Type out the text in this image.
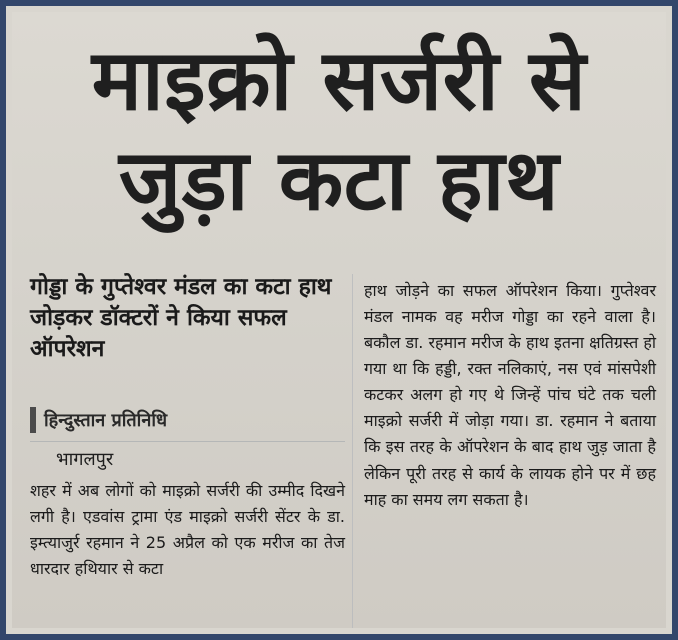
माइक्रो सर्जरी से
जुड़ा कटा हाथ
गोड्डा के गुप्तेश्वर मंडल का कटा हाथ जोड़कर डॉक्टरों ने किया सफल ऑपरेशन
हिन्दुस्तान प्रतिनिधि
भागलपुर
शहर में अब लोगों को माइक्रो सर्जरी की उम्मीद दिखने लगी है। एडवांस ट्रामा एंड माइक्रो सर्जरी सेंटर के डा. इम्त्याजुर्र रहमान ने 25 अप्रैल को एक मरीज का तेज धारदार हथियार से कटा
हाथ जोड़ने का सफल ऑपरेशन किया। गुप्तेश्वर मंडल नामक वह मरीज गोड्डा का रहने वाला है। बकौल डा. रहमान मरीज के हाथ इतना क्षतिग्रस्त हो गया था कि हड्डी, रक्त नलिकाएं, नस एवं मांसपेशी कटकर अलग हो गए थे जिन्हें पांच घंटे तक चली माइक्रो सर्जरी में जोड़ा गया। डा. रहमान ने बताया कि इस तरह के ऑपरेशन के बाद हाथ जुड़ जाता है लेकिन पूरी तरह से कार्य के लायक होने पर में छह माह का समय लग सकता है।
